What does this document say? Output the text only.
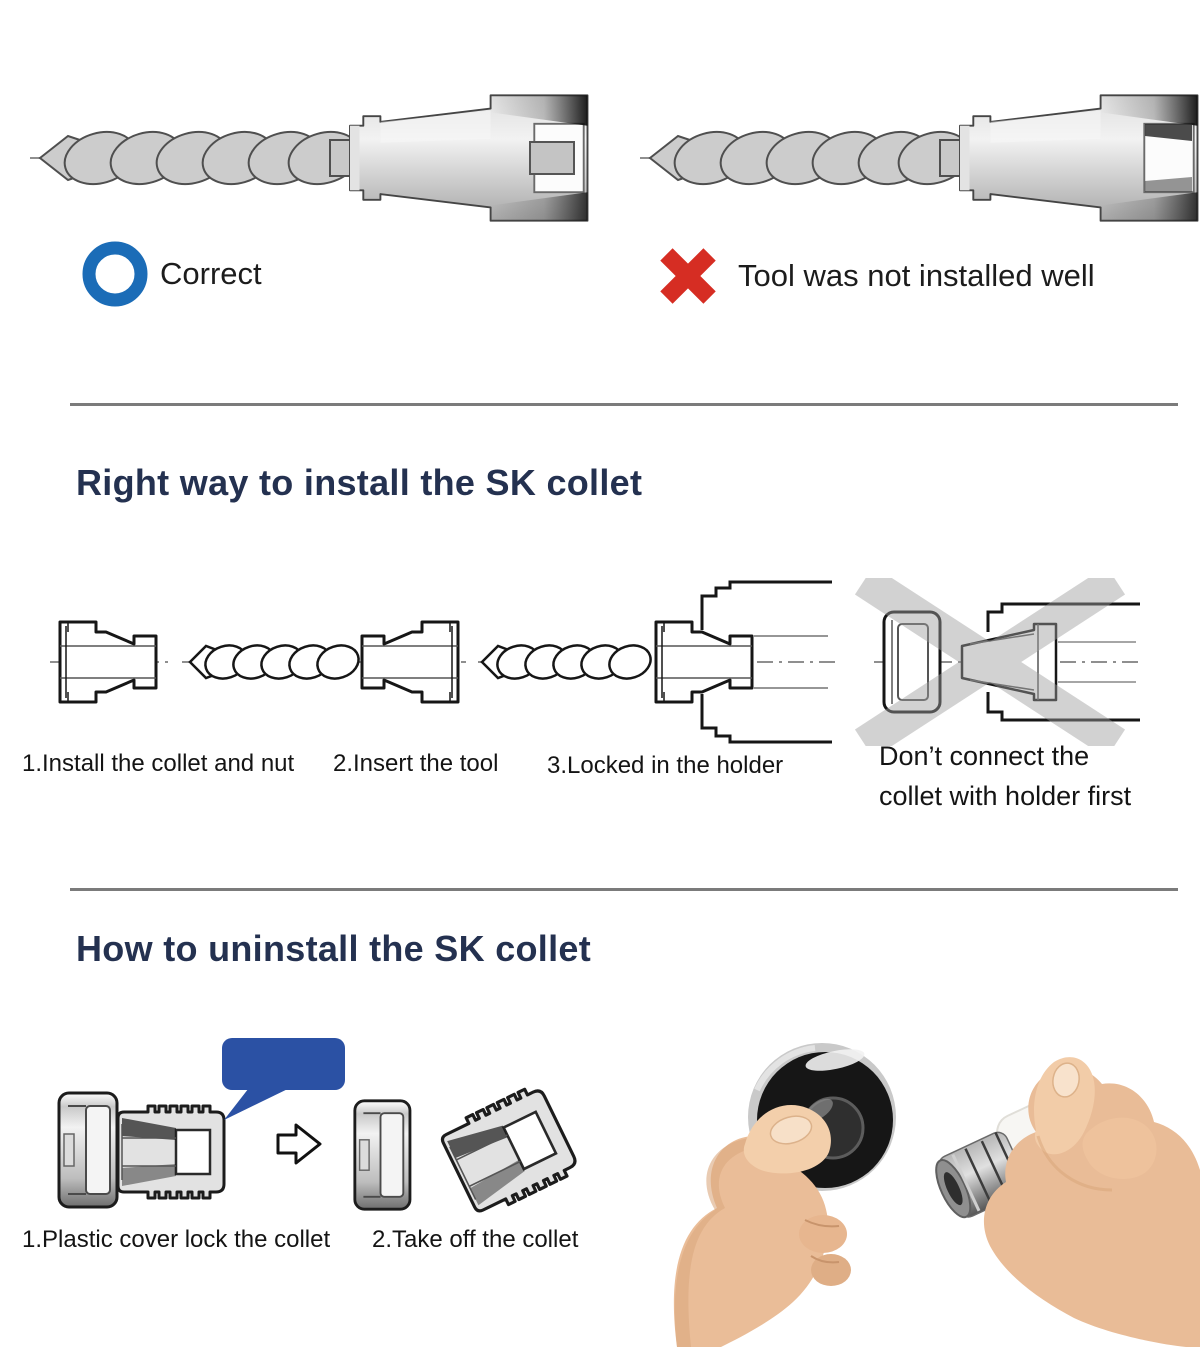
Correct	Tool was not installed well
Right way to install the SK collet
1.Install the collet and nut 2.Insert the tool 3.Locked in the holder	Don’t connect the
collet with holder first
How to uninstall the SK collet
1.Plastic cover lock the collet 2.Take off the collet
